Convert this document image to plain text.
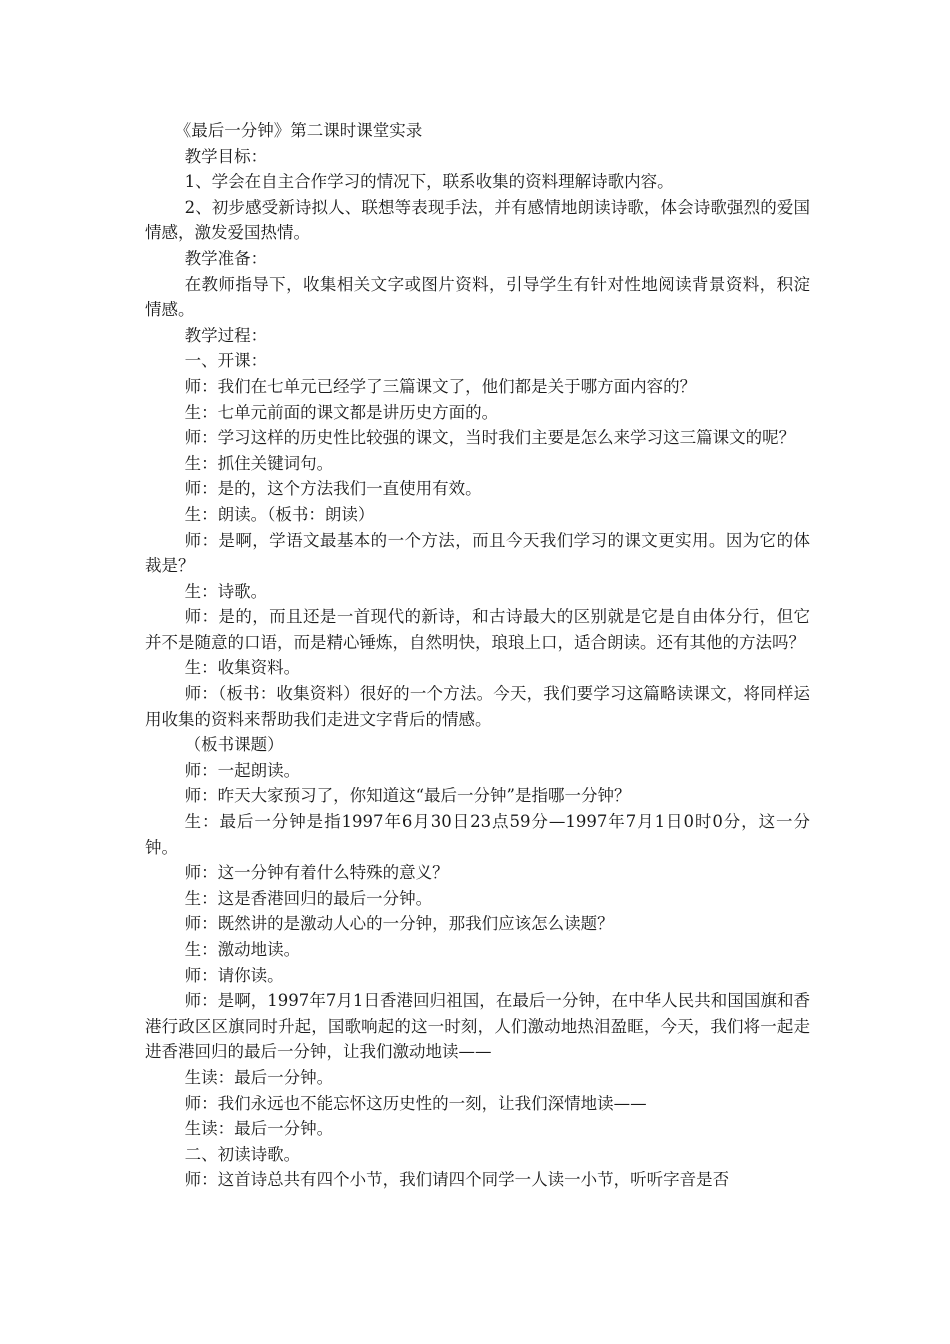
《最后一分钟》第二课时课堂实录

教学目标：

1、学会在自主合作学习的情况下，联系收集的资料理解诗歌内容。

2、初步感受新诗拟人、联想等表现手法，并有感情地朗读诗歌，体会诗歌强烈的爱国情感，激发爱国热情。

教学准备：

在教师指导下，收集相关文字或图片资料，引导学生有针对性地阅读背景资料，积淀情感。

教学过程：

一、开课：

师：我们在七单元已经学了三篇课文了，他们都是关于哪方面内容的？

生：七单元前面的课文都是讲历史方面的。

师：学习这样的历史性比较强的课文，当时我们主要是怎么来学习这三篇课文的呢？

生：抓住关键词句。

师：是的，这个方法我们一直使用有效。

生：朗读。（板书：朗读）

师：是啊，学语文最基本的一个方法，而且今天我们学习的课文更实用。因为它的体裁是？

生：诗歌。

师：是的，而且还是一首现代的新诗，和古诗最大的区别就是它是自由体分行，但它并不是随意的口语，而是精心锤炼，自然明快，琅琅上口，适合朗读。还有其他的方法吗？

生：收集资料。

师：（板书：收集资料）很好的一个方法。今天，我们要学习这篇略读课文，将同样运用收集的资料来帮助我们走进文字背后的情感。

（板书课题）

师：一起朗读。

师：昨天大家预习了，你知道这“最后一分钟”是指哪一分钟？

生：最后一分钟是指1997年6月30日23点59分—1997年7月1日0时0分，这一分钟。

师：这一分钟有着什么特殊的意义？

生：这是香港回归的最后一分钟。

师：既然讲的是激动人心的一分钟，那我们应该怎么读题？

生：激动地读。

师：请你读。

师：是啊，1997年7月1日香港回归祖国，在最后一分钟，在中华人民共和国国旗和香港行政区区旗同时升起，国歌响起的这一时刻，人们激动地热泪盈眶，今天，我们将一起走进香港回归的最后一分钟，让我们激动地读——

生读：最后一分钟。

师：我们永远也不能忘怀这历史性的一刻，让我们深情地读——

生读：最后一分钟。

二、初读诗歌。

师：这首诗总共有四个小节，我们请四个同学一人读一小节，听听字音是否
